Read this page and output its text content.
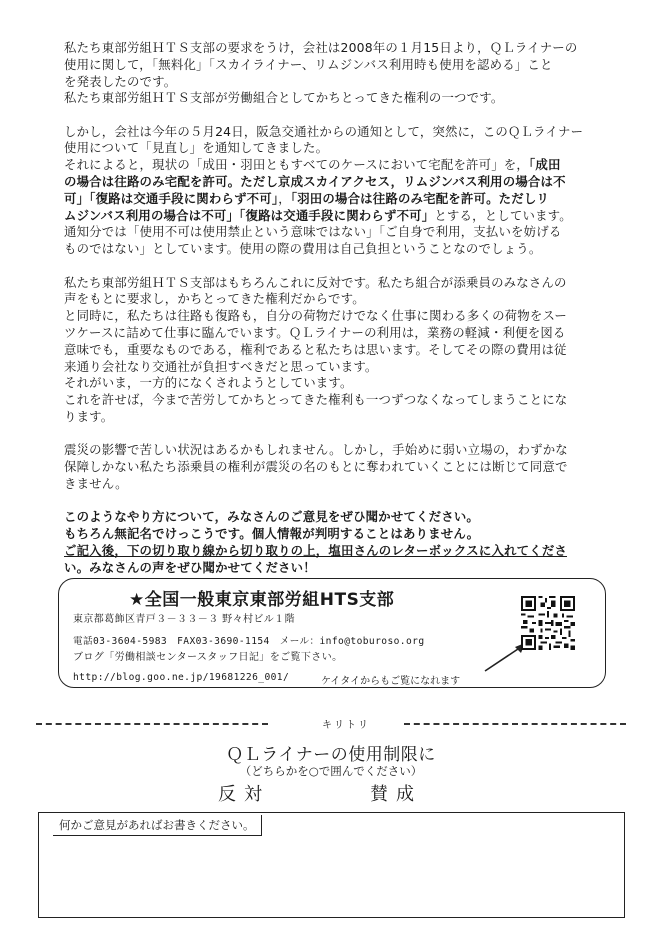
私たち東部労組ＨＴＳ支部の要求をうけ，会社は2008年の１月15日より，ＱＬライナーの

使用に関して，「無料化」「スカイライナー、リムジンバス利用時も使用を認める」こと

を発表したのです。

私たち東部労組ＨＴＳ支部が労働組合としてかちとってきた権利の一つです。

しかし，会社は今年の５月24日，阪急交通社からの通知として，突然に，このＱＬライナー

使用について「見直し」を通知してきました。

それによると，現状の「成田・羽田ともすべてのケースにおいて宅配を許可」を，「成田

の場合は往路のみ宅配を許可。ただし京成スカイアクセス，リムジンバス利用の場合は不

可」「復路は交通手段に関わらず不可」，「羽田の場合は往路のみ宅配を許可。ただしリ

ムジンバス利用の場合は不可」「復路は交通手段に関わらず不可」とする，としています。

通知分では「使用不可は使用禁止という意味ではない」「ご自身で利用，支払いを妨げる

ものではない」としています。使用の際の費用は自己負担ということなのでしょう。

私たち東部労組ＨＴＳ支部はもちろんこれに反対です。私たち組合が添乗員のみなさんの

声をもとに要求し，かちとってきた権利だからです。

と同時に，私たちは往路も復路も，自分の荷物だけでなく仕事に関わる多くの荷物をスー

ツケースに詰めて仕事に臨んでいます。ＱＬライナーの利用は，業務の軽減・利便を図る

意味でも，重要なものである，権利であると私たちは思います。そしてその際の費用は従

来通り会社なり交通社が負担すべきだと思っています。

それがいま，一方的になくされようとしています。

これを許せば，今まで苦労してかちとってきた権利も一つずつなくなってしまうことにな

ります。

震災の影響で苦しい状況はあるかもしれません。しかし，手始めに弱い立場の，わずかな

保障しかない私たち添乗員の権利が震災の名のもとに奪われていくことには断じて同意で

きません。

このようなやり方について，みなさんのご意見をぜひ聞かせてください。

もちろん無記名でけっこうです。個人情報が判明することはありません。

ご記入後，下の切り取り線から切り取りの上，塩田さんのレターボックスに入れてくださ

い。みなさんの声をぜひ聞かせてください！

★全国一般東京東部労組HTS支部
東京都葛飾区青戸３－３３－３ 野々村ビル１階
電話03-3604-5983　FAX03-3690-1154　メール：info@toburoso.org
ブログ「労働相談センタースタッフ日記」をご覧下さい。
http://blog.goo.ne.jp/19681226_001/	ケイタイからもご覧になれます
キリトリ
ＱＬライナーの使用制限に
（どちらかを○で囲んでください）
反対	賛成
何かご意見があればお書きください。
